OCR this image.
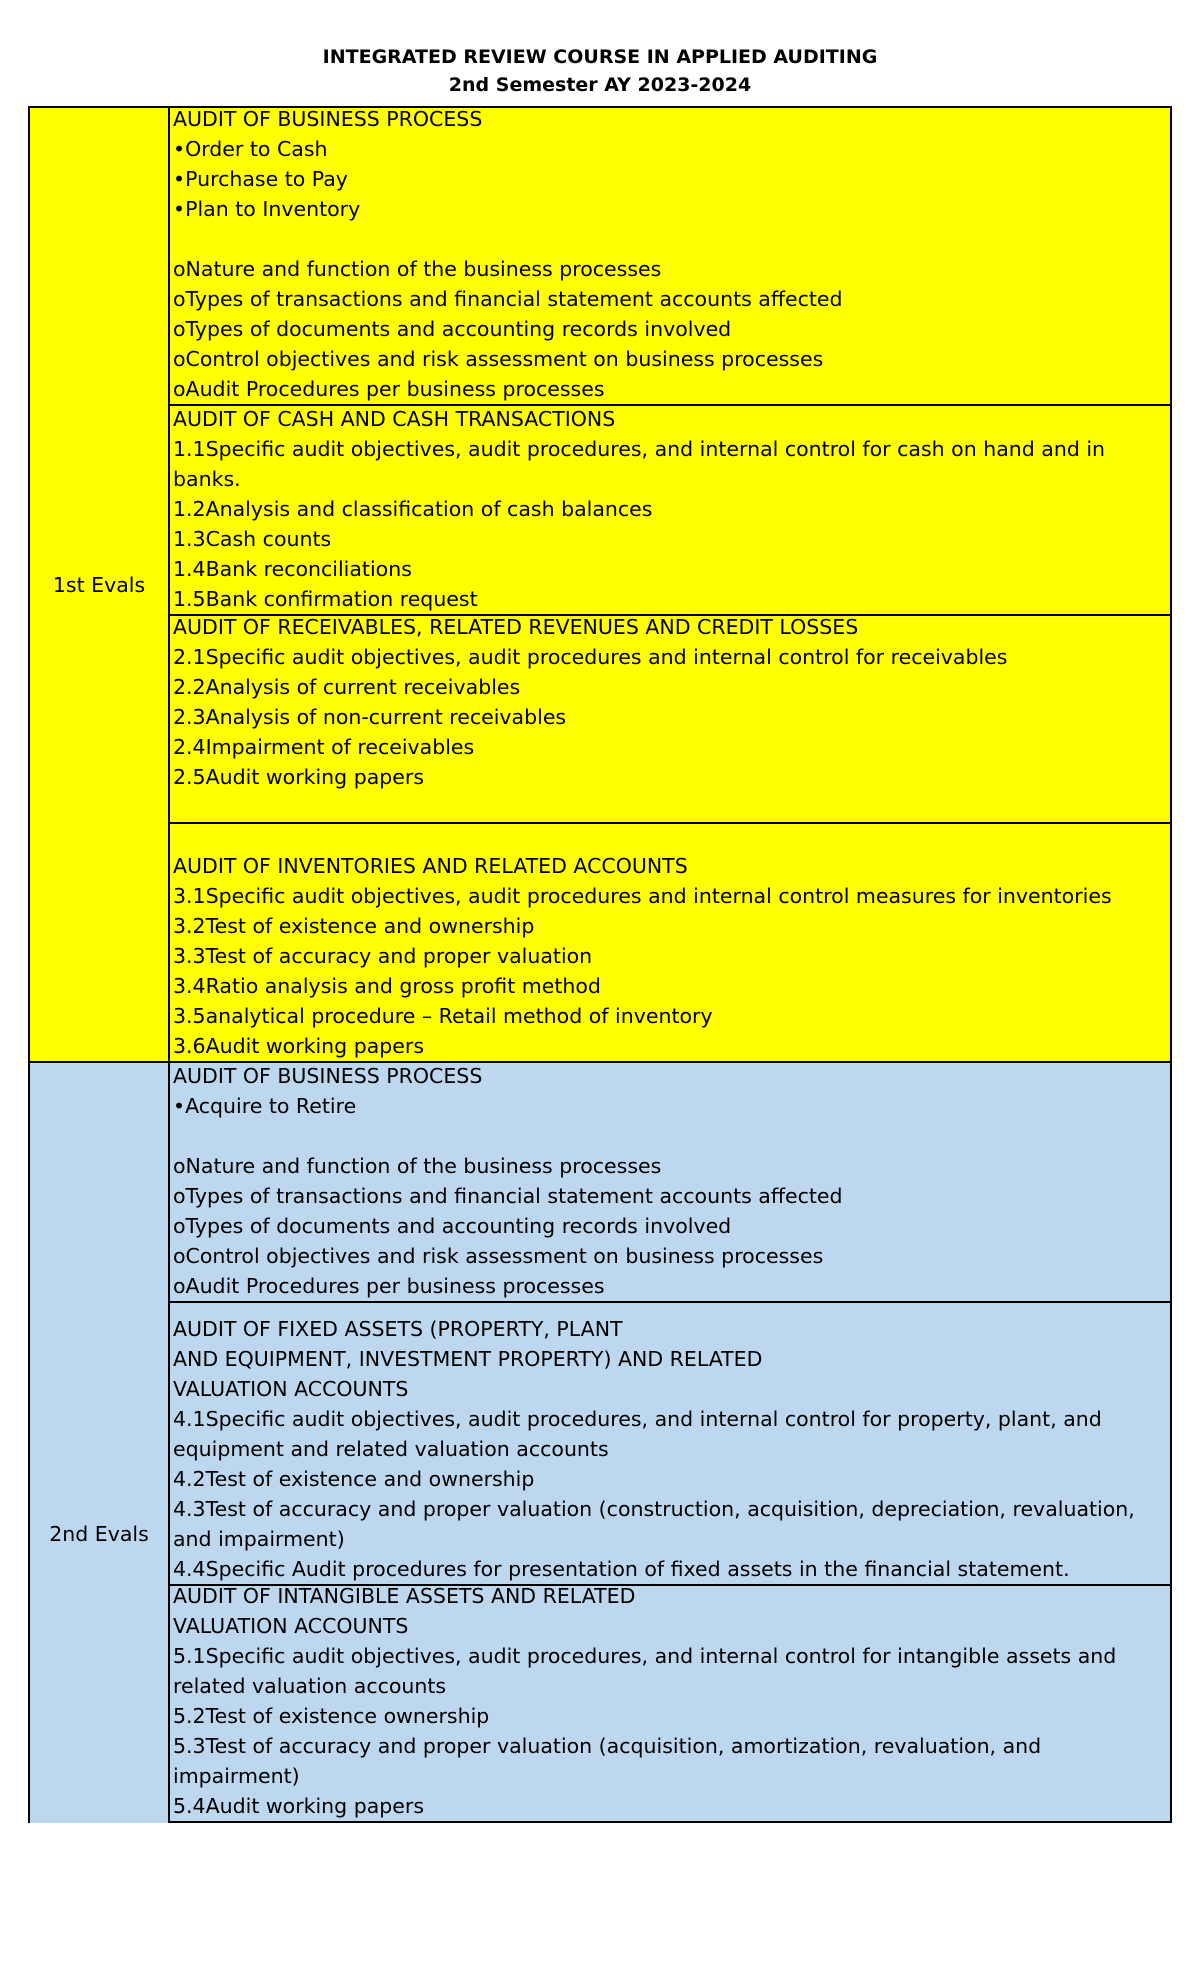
INTEGRATED REVIEW COURSE IN APPLIED AUDITING
2nd Semester AY 2023-2024
1st Evals
AUDIT OF BUSINESS PROCESS
•Order to Cash
•Purchase to Pay
•Plan to Inventory
oNature and function of the business processes
oTypes of transactions and financial statement accounts affected
oTypes of documents and accounting records involved
oControl objectives and risk assessment on business processes
oAudit Procedures per business processes
AUDIT OF CASH AND CASH TRANSACTIONS
1.1Specific audit objectives, audit procedures, and internal control for cash on hand and in
banks.
1.2Analysis and classification of cash balances
1.3Cash counts
1.4Bank reconciliations
1.5Bank confirmation request
AUDIT OF RECEIVABLES, RELATED REVENUES AND CREDIT LOSSES
2.1Specific audit objectives, audit procedures and internal control for receivables
2.2Analysis of current receivables
2.3Analysis of non-current receivables
2.4Impairment of receivables
2.5Audit working papers
AUDIT OF INVENTORIES AND RELATED ACCOUNTS
3.1Specific audit objectives, audit procedures and internal control measures for inventories
3.2Test of existence and ownership
3.3Test of accuracy and proper valuation
3.4Ratio analysis and gross profit method
3.5analytical procedure – Retail method of inventory
3.6Audit working papers
2nd Evals
AUDIT OF BUSINESS PROCESS
•Acquire to Retire
oNature and function of the business processes
oTypes of transactions and financial statement accounts affected
oTypes of documents and accounting records involved
oControl objectives and risk assessment on business processes
oAudit Procedures per business processes
AUDIT OF FIXED ASSETS (PROPERTY, PLANT
AND EQUIPMENT, INVESTMENT PROPERTY) AND RELATED
VALUATION ACCOUNTS
4.1Specific audit objectives, audit procedures, and internal control for property, plant, and
equipment and related valuation accounts
4.2Test of existence and ownership
4.3Test of accuracy and proper valuation (construction, acquisition, depreciation, revaluation,
and impairment)
4.4Specific Audit procedures for presentation of fixed assets in the financial statement.
AUDIT OF INTANGIBLE ASSETS AND RELATED
VALUATION ACCOUNTS
5.1Specific audit objectives, audit procedures, and internal control for intangible assets and
related valuation accounts
5.2Test of existence ownership
5.3Test of accuracy and proper valuation (acquisition, amortization, revaluation, and
impairment)
5.4Audit working papers
